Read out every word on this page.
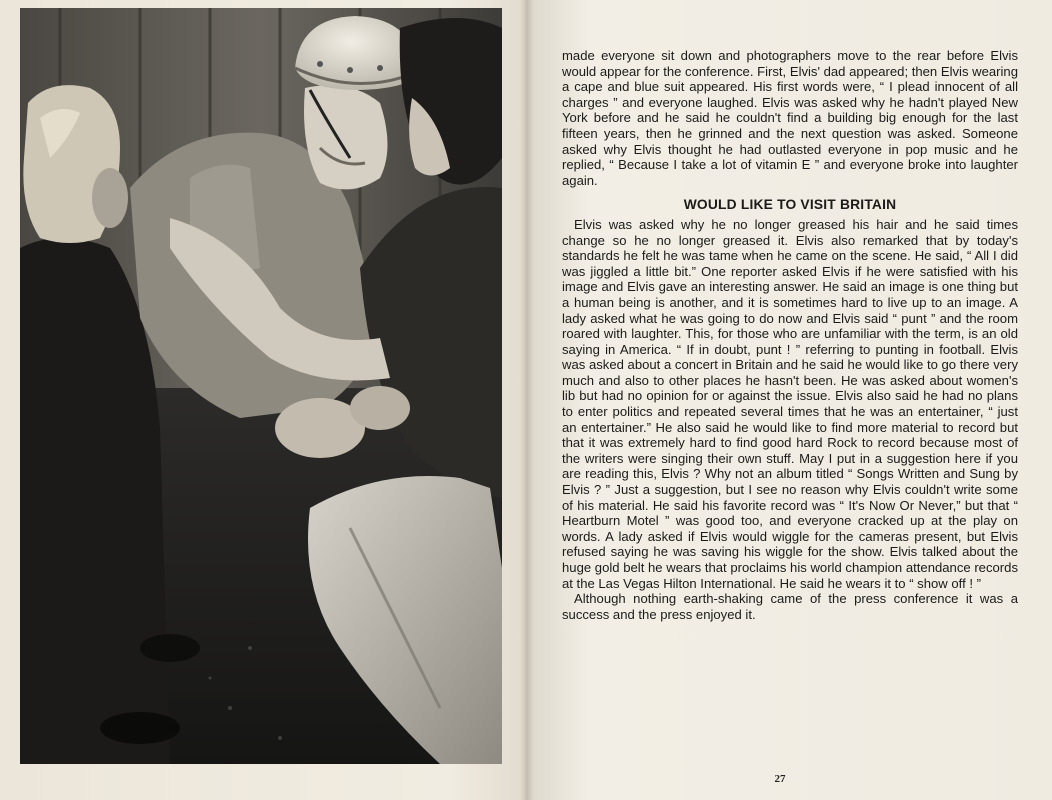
made everyone sit down and photographers move to the rear before Elvis would appear for the conference. First, Elvis' dad appeared; then Elvis wearing a cape and blue suit appeared. His first words were, “ I plead innocent of all charges ” and everyone laughed. Elvis was asked why he hadn't played New York before and he said he couldn't find a building big enough for the last fifteen years, then he grinned and the next question was asked. Someone asked why Elvis thought he had outlasted everyone in pop music and he replied, “ Because I take a lot of vitamin E ” and everyone broke into laughter again.

WOULD LIKE TO VISIT BRITAIN

Elvis was asked why he no longer greased his hair and he said times change so he no longer greased it. Elvis also remarked that by today's standards he felt he was tame when he came on the scene. He said, “ All I did was jiggled a little bit.” One reporter asked Elvis if he were satisfied with his image and Elvis gave an interesting answer. He said an image is one thing but a human being is another, and it is sometimes hard to live up to an image. A lady asked what he was going to do now and Elvis said “ punt ” and the room roared with laughter. This, for those who are unfamiliar with the term, is an old saying in America. “ If in doubt, punt ! ” referring to punting in football. Elvis was asked about a concert in Britain and he said he would like to go there very much and also to other places he hasn't been. He was asked about women's lib but had no opinion for or against the issue. Elvis also said he had no plans to enter politics and repeated several times that he was an entertainer, “ just an entertainer.” He also said he would like to find more material to record but that it was extremely hard to find good hard Rock to record because most of the writers were singing their own stuff. May I put in a suggestion here if you are reading this, Elvis ? Why not an album titled “ Songs Written and Sung by Elvis ? ” Just a suggestion, but I see no reason why Elvis couldn't write some of his material. He said his favorite record was “ It's Now Or Never,” but that “ Heartburn Motel ” was good too, and everyone cracked up at the play on words. A lady asked if Elvis would wiggle for the cameras present, but Elvis refused saying he was saving his wiggle for the show. Elvis talked about the huge gold belt he wears that proclaims his world champion attendance records at the Las Vegas Hilton International. He said he wears it to “ show off ! ”

Although nothing earth-shaking came of the press conference it was a success and the press enjoyed it.

27
